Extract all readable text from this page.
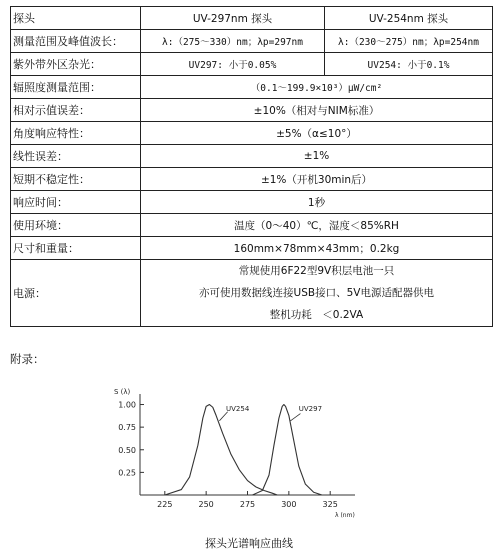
探头	UV-297nm 探头	UV-254nm 探头
测量范围及峰值波长：	λ:（275～330）nm；λp=297nm	λ:（230～275）nm；λp=254nm
紫外带外区杂光：	UV297: 小于0.05%	UV254: 小于0.1%
辐照度测量范围：	（0.1～199.9×10³）μW/cm²	
相对示值误差：	±10%（相对与NIM标准）	
角度响应特性：	±5%（α≤10°）	
线性误差：	±1%	
短期不稳定性：	±1%（开机30min后）	
响应时间：	1秒	
使用环境：	温度（0～40）℃，湿度＜85%RH	
尺寸和重量：	160mm×78mm×43mm；0.2kg	
电源：	常规使用6F22型9V积层电池一只
亦可使用数据线连接USB接口、5V电源适配器供电
整机功耗　＜0.2VA	
附录：
1.00
0.75
0.50
0.25
225	250	275	300	325
S (λ)
λ (nm)
UV254	UV297
探头光谱响应曲线
